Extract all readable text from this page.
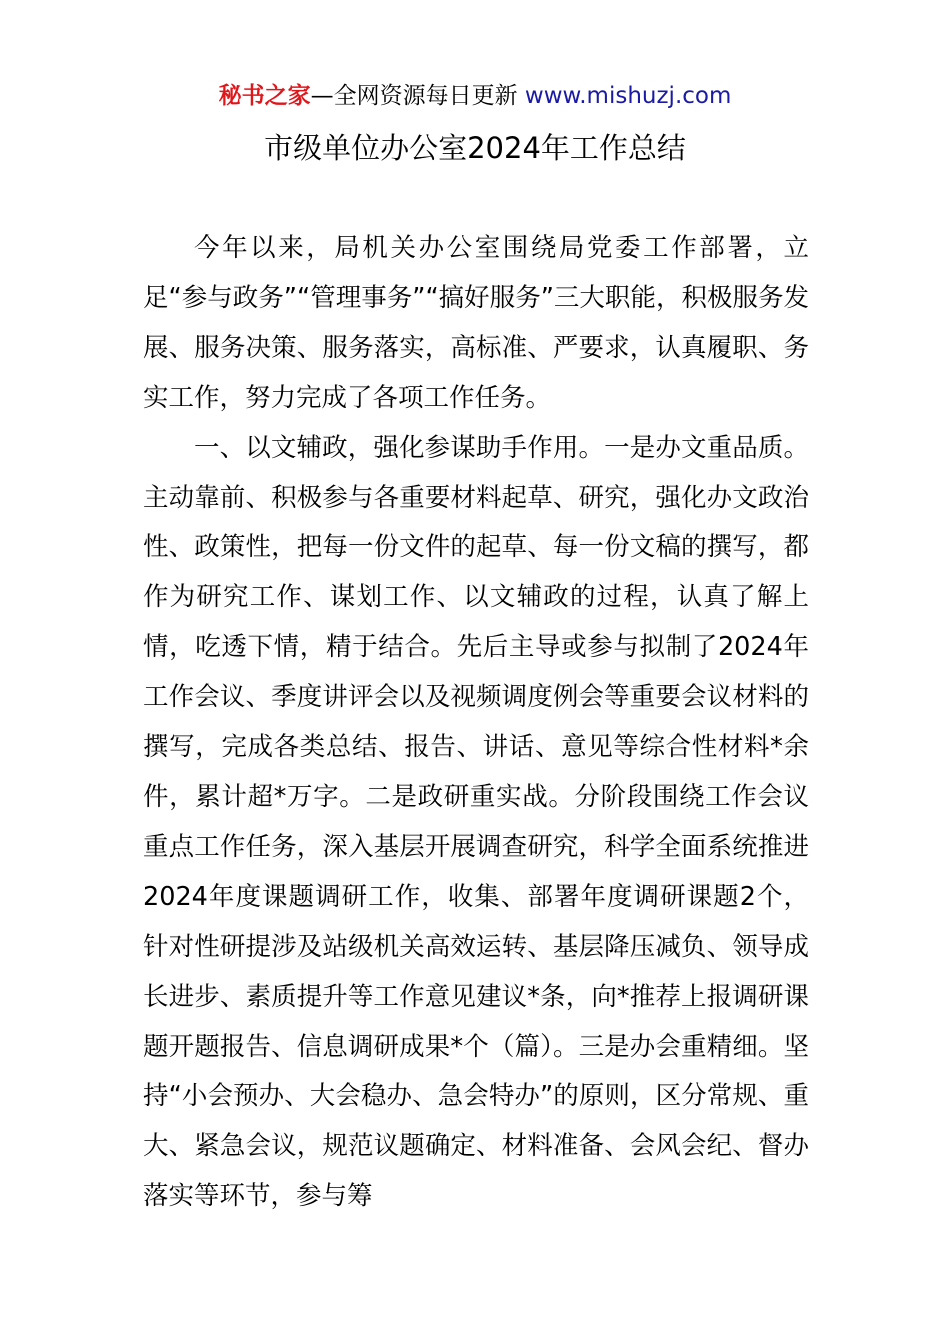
秘书之家—全网资源每日更新 www.mishuzj.com
市级单位办公室2024年工作总结

今年以来，局机关办公室围绕局党委工作部署，立足“参与政务”“管理事务”“搞好服务”三大职能，积极服务发展、服务决策、服务落实，高标准、严要求，认真履职、务实工作，努力完成了各项工作任务。

一、以文辅政，强化参谋助手作用。一是办文重品质。主动靠前、积极参与各重要材料起草、研究，强化办文政治性、政策性，把每一份文件的起草、每一份文稿的撰写，都作为研究工作、谋划工作、以文辅政的过程，认真了解上情，吃透下情，精于结合。先后主导或参与拟制了2024年工作会议、季度讲评会以及视频调度例会等重要会议材料的撰写，完成各类总结、报告、讲话、意见等综合性材料*余件，累计超*万字。二是政研重实战。分阶段围绕工作会议重点工作任务，深入基层开展调查研究，科学全面系统推进2024年度课题调研工作，收集、部署年度调研课题2个，针对性研提涉及站级机关高效运转、基层降压减负、领导成长进步、素质提升等工作意见建议*条，向*推荐上报调研课题开题报告、信息调研成果*个（篇）。三是办会重精细。坚持“小会预办、大会稳办、急会特办”的原则，区分常规、重大、紧急会议，规范议题确定、材料准备、会风会纪、督办落实等环节，参与筹
